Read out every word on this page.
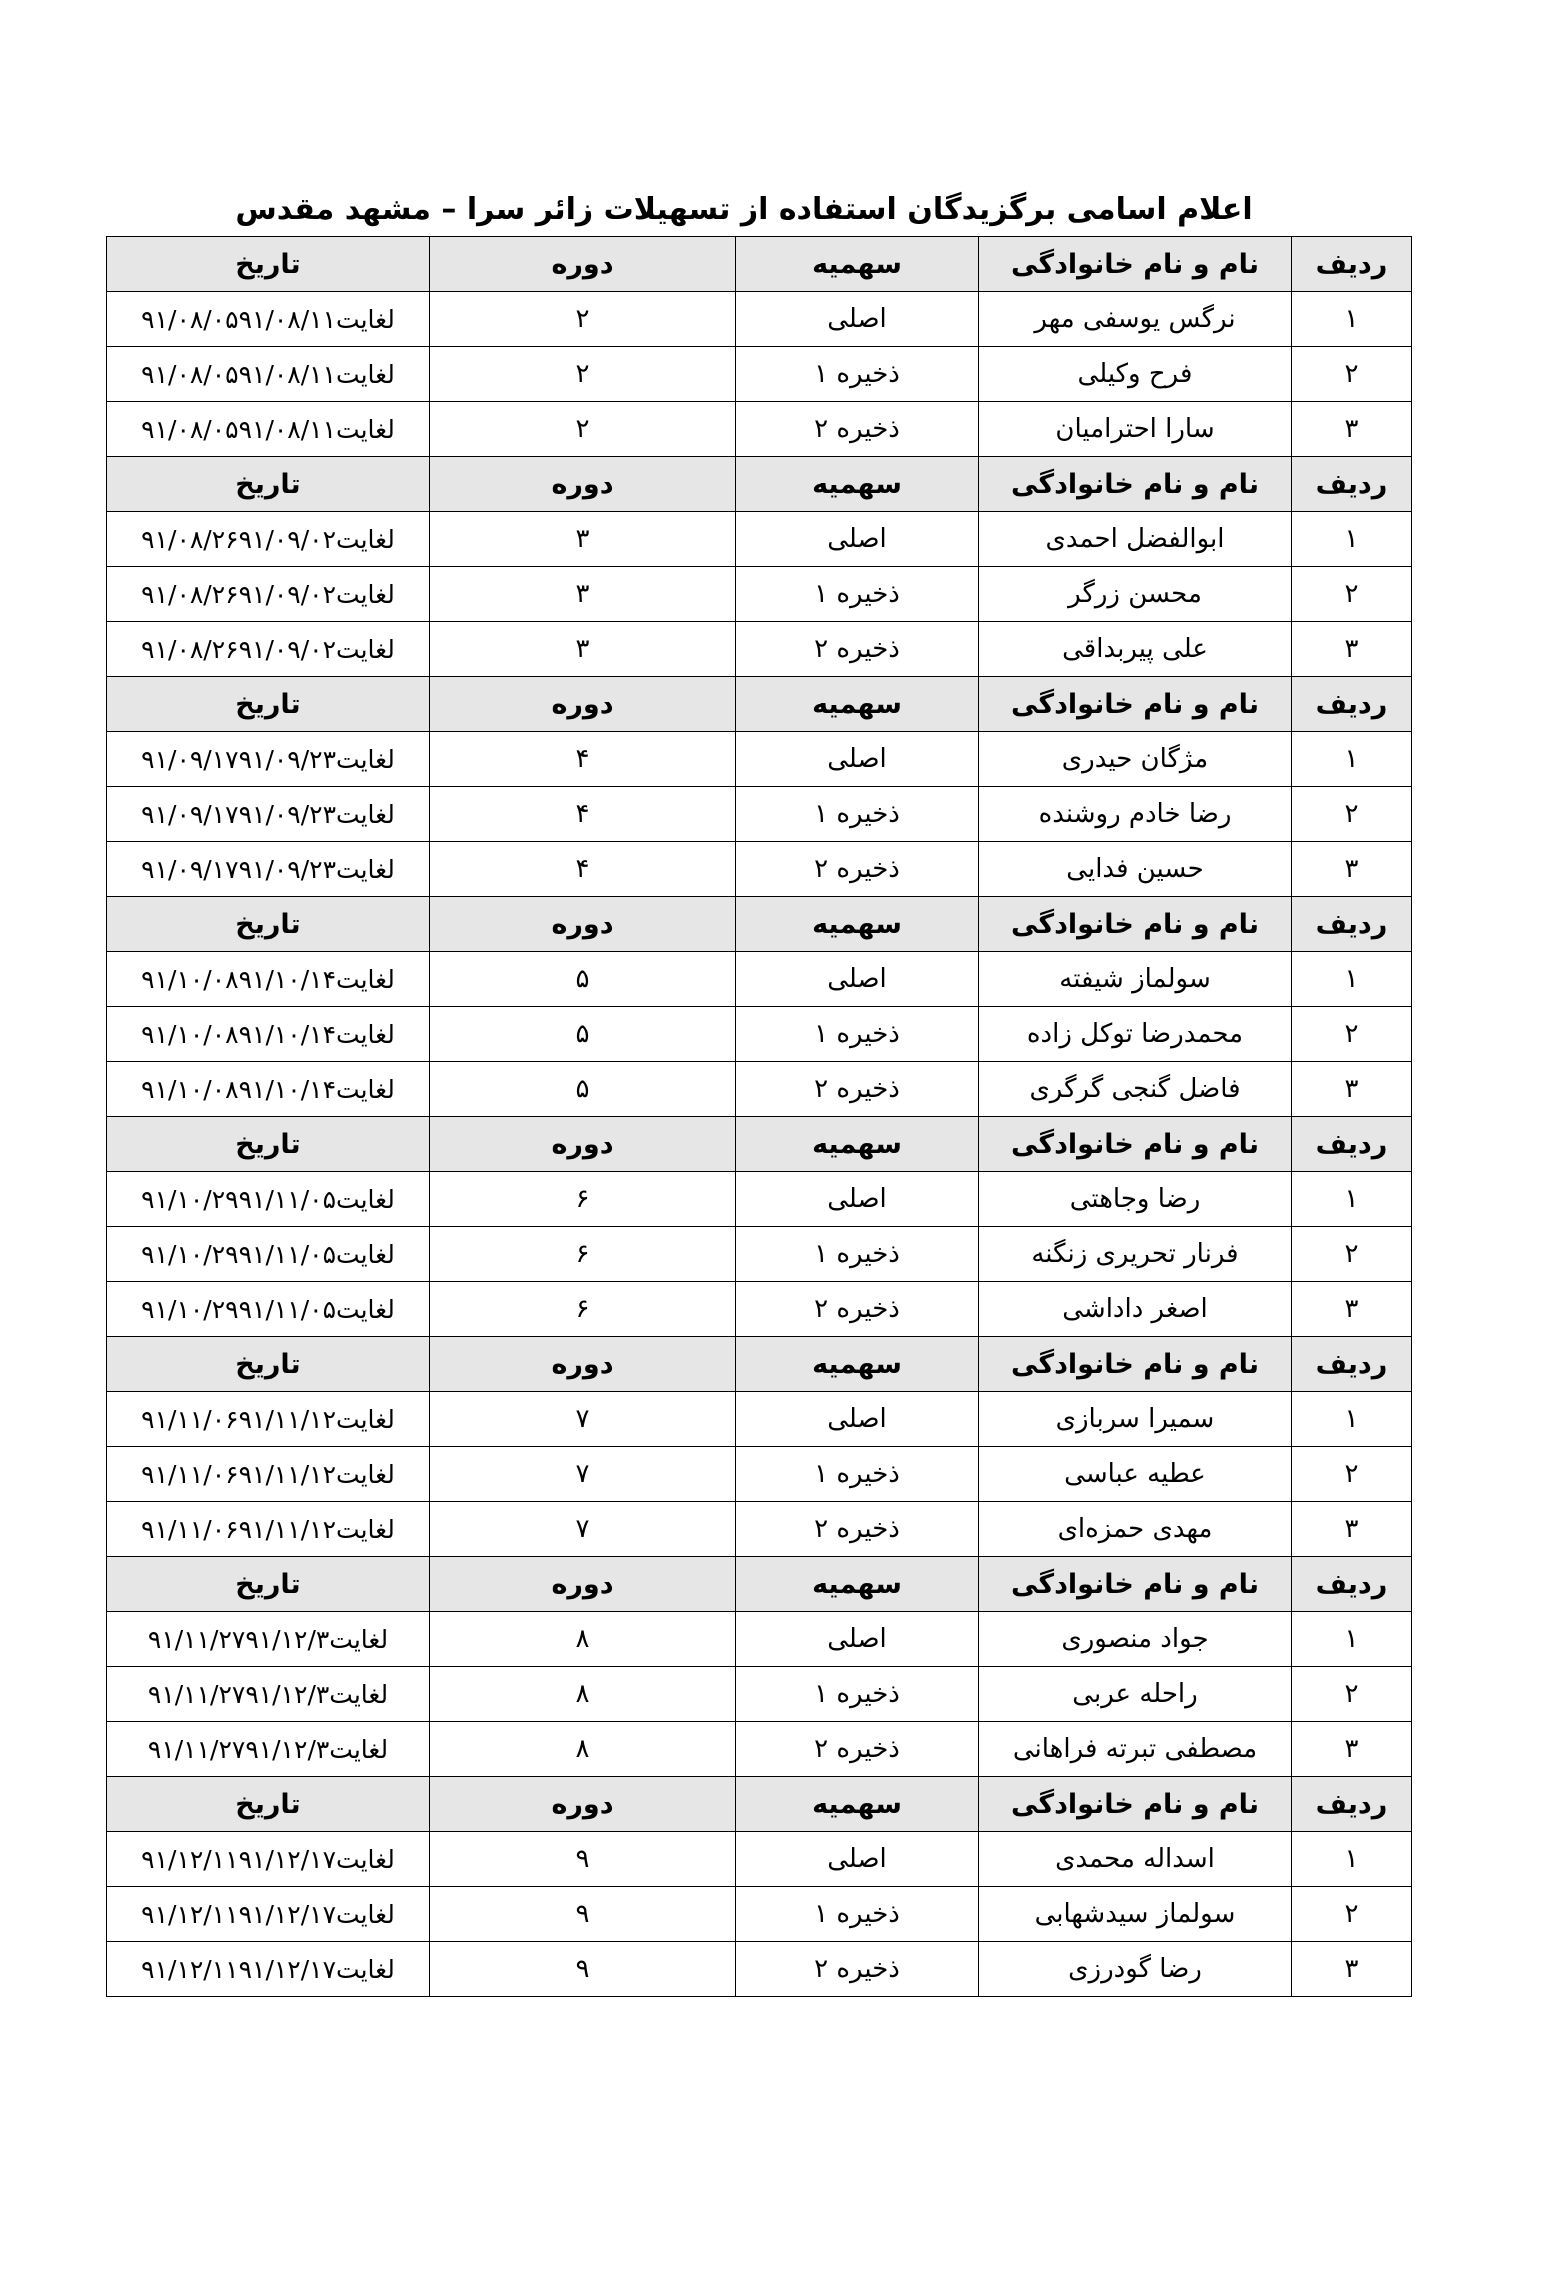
اعلام اسامی برگزیدگان استفاده از تسهیلات زائر سرا – مشهد مقدس
ردیف	نام و نام خانوادگی	سهمیه	دوره	تاریخ
۱	نرگس یوسفی مهر	اصلی	۲	۹۱/۰۸/۰۵لغایت۹۱/۰۸/۱۱
۲	فرح وکیلی	ذخیره ۱	۲	۹۱/۰۸/۰۵لغایت۹۱/۰۸/۱۱
۳	سارا احترامیان	ذخیره ۲	۲	۹۱/۰۸/۰۵لغایت۹۱/۰۸/۱۱
ردیف	نام و نام خانوادگی	سهمیه	دوره	تاریخ
۱	ابوالفضل احمدی	اصلی	۳	۹۱/۰۸/۲۶لغایت۹۱/۰۹/۰۲
۲	محسن زرگر	ذخیره ۱	۳	۹۱/۰۸/۲۶لغایت۹۱/۰۹/۰۲
۳	علی پیربداقی	ذخیره ۲	۳	۹۱/۰۸/۲۶لغایت۹۱/۰۹/۰۲
ردیف	نام و نام خانوادگی	سهمیه	دوره	تاریخ
۱	مژگان حیدری	اصلی	۴	۹۱/۰۹/۱۷لغایت۹۱/۰۹/۲۳
۲	رضا خادم روشنده	ذخیره ۱	۴	۹۱/۰۹/۱۷لغایت۹۱/۰۹/۲۳
۳	حسین فدایی	ذخیره ۲	۴	۹۱/۰۹/۱۷لغایت۹۱/۰۹/۲۳
ردیف	نام و نام خانوادگی	سهمیه	دوره	تاریخ
۱	سولماز شیفته	اصلی	۵	۹۱/۱۰/۰۸لغایت۹۱/۱۰/۱۴
۲	محمدرضا توکل زاده	ذخیره ۱	۵	۹۱/۱۰/۰۸لغایت۹۱/۱۰/۱۴
۳	فاضل گنجی گرگری	ذخیره ۲	۵	۹۱/۱۰/۰۸لغایت۹۱/۱۰/۱۴
ردیف	نام و نام خانوادگی	سهمیه	دوره	تاریخ
۱	رضا وجاهتی	اصلی	۶	۹۱/۱۰/۲۹لغایت۹۱/۱۱/۰۵
۲	فرنار تحریری زنگنه	ذخیره ۱	۶	۹۱/۱۰/۲۹لغایت۹۱/۱۱/۰۵
۳	اصغر داداشی	ذخیره ۲	۶	۹۱/۱۰/۲۹لغایت۹۱/۱۱/۰۵
ردیف	نام و نام خانوادگی	سهمیه	دوره	تاریخ
۱	سمیرا سربازی	اصلی	۷	۹۱/۱۱/۰۶لغایت۹۱/۱۱/۱۲
۲	عطیه عباسی	ذخیره ۱	۷	۹۱/۱۱/۰۶لغایت۹۱/۱۱/۱۲
۳	مهدی حمزه‌ای	ذخیره ۲	۷	۹۱/۱۱/۰۶لغایت۹۱/۱۱/۱۲
ردیف	نام و نام خانوادگی	سهمیه	دوره	تاریخ
۱	جواد منصوری	اصلی	۸	۹۱/۱۱/۲۷لغایت۹۱/۱۲/۳
۲	راحله عربی	ذخیره ۱	۸	۹۱/۱۱/۲۷لغایت۹۱/۱۲/۳
۳	مصطفی تبرته فراهانی	ذخیره ۲	۸	۹۱/۱۱/۲۷لغایت۹۱/۱۲/۳
ردیف	نام و نام خانوادگی	سهمیه	دوره	تاریخ
۱	اسداله محمدی	اصلی	۹	۹۱/۱۲/۱۱لغایت۹۱/۱۲/۱۷
۲	سولماز سیدشهابی	ذخیره ۱	۹	۹۱/۱۲/۱۱لغایت۹۱/۱۲/۱۷
۳	رضا گودرزی	ذخیره ۲	۹	۹۱/۱۲/۱۱لغایت۹۱/۱۲/۱۷
